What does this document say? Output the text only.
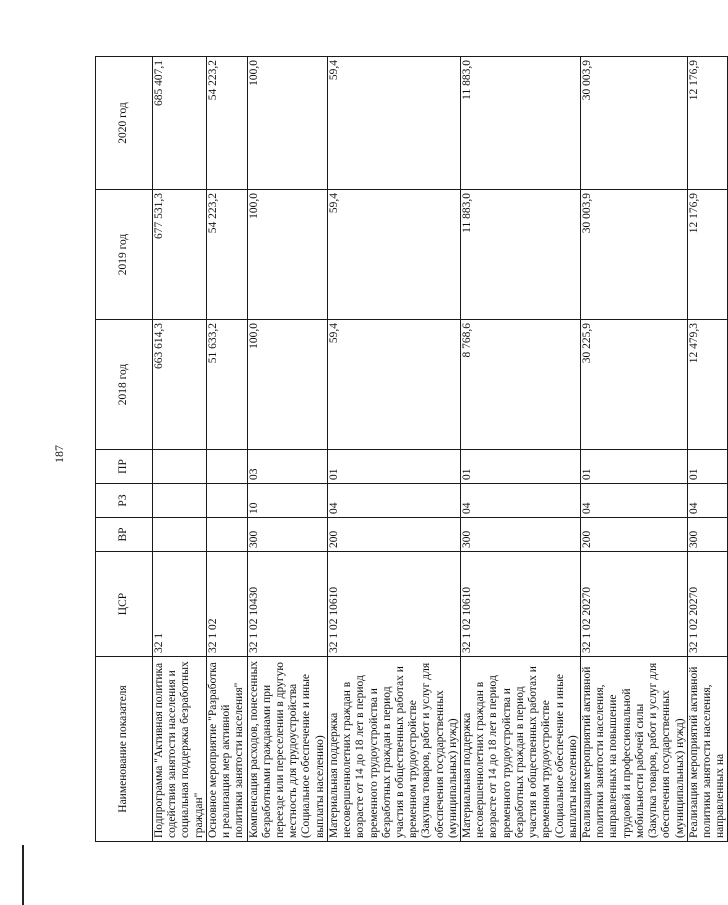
187
Наименование показателя	ЦСР	ВР	РЗ	ПР	2018 год	2019 год	2020 год
Подпрограмма "Активная политика содействия занятости населения и социальная поддержка безработных граждан"	32 1				663 614,3	677 531,3	685 407,1
Основное мероприятие "Разработка и реализация мер активной политики занятости населения"	32 1 02				51 633,2	54 223,2	54 223,2
Компенсация расходов, понесенных безработными гражданами при переезде или переселении в другую местность для трудоустройства (Социальное обеспечение и иные выплаты населению)	32 1 02 10430	300	10	03	100,0	100,0	100,0
Материальная поддержка несовершеннолетних граждан в возрасте от 14 до 18 лет в период временного трудоустройства и безработных граждан в период участия в общественных работах и временном трудоустройстве (Закупка товаров, работ и услуг для обеспечения государственных (муниципальных) нужд)	32 1 02 10610	200	04	01	59,4	59,4	59,4
Материальная поддержка несовершеннолетних граждан в возрасте от 14 до 18 лет в период временного трудоустройства и безработных граждан в период участия в общественных работах и временном трудоустройстве (Социальное обеспечение и иные выплаты населению)	32 1 02 10610	300	04	01	8 768,6	11 883,0	11 883,0
Реализация мероприятий активной политики занятости населения, направленных на повышение трудовой и профессиональной мобильности рабочей силы (Закупка товаров, работ и услуг для обеспечения государственных (муниципальных) нужд)	32 1 02 20270	200	04	01	30 225,9	30 003,9	30 003,9
Реализация мероприятий активной политики занятости населения, направленных на	32 1 02 20270	300	04	01	12 479,3	12 176,9	12 176,9
